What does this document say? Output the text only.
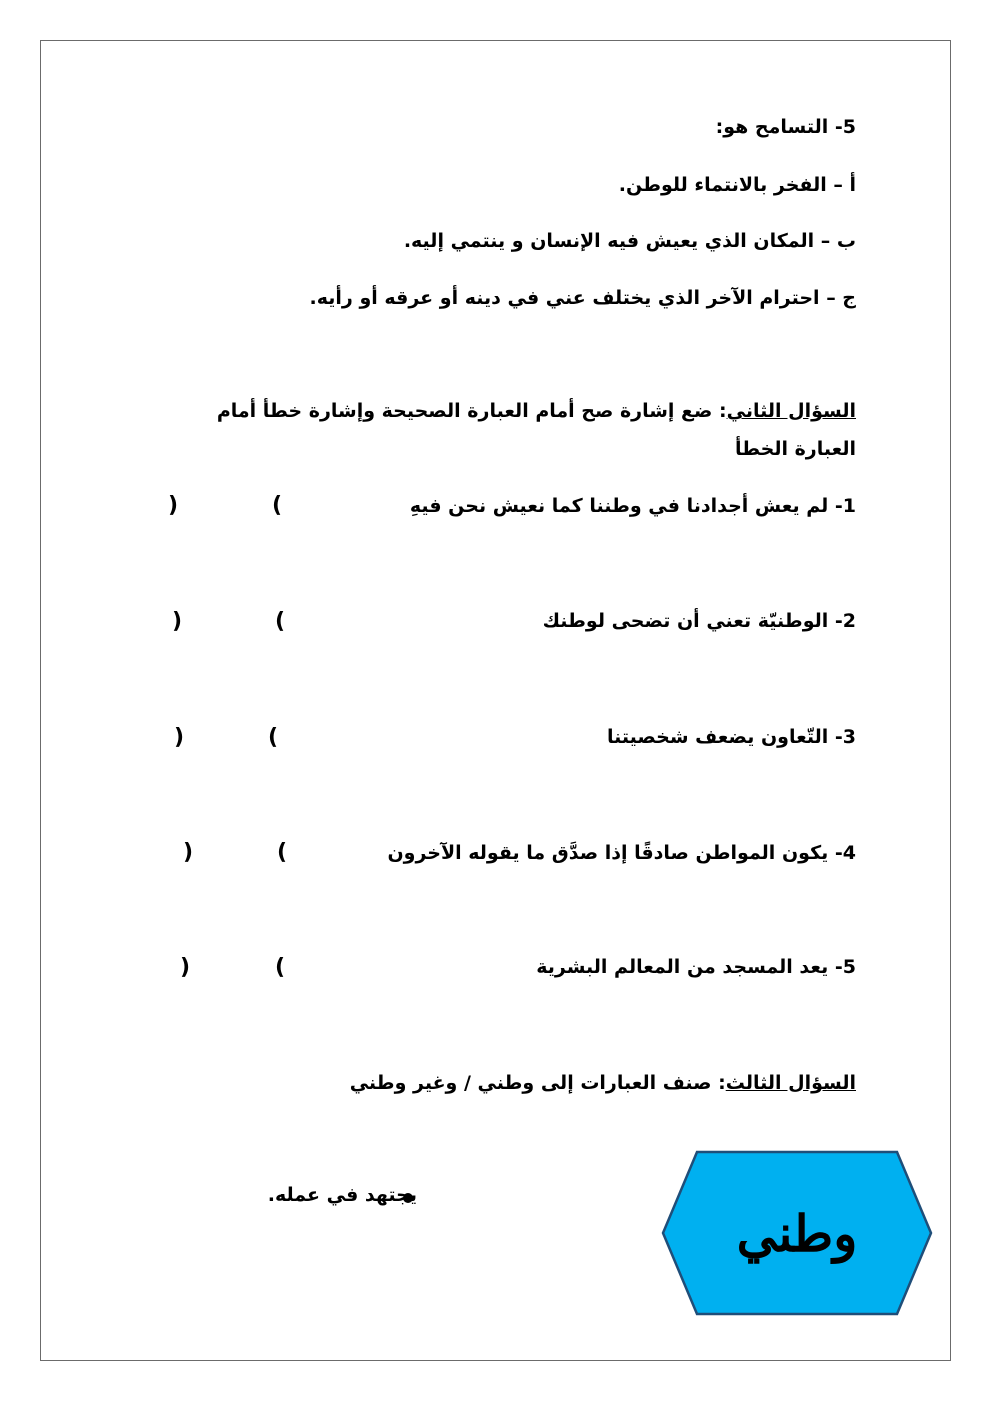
5- التسامح هو:
أ – الفخر بالانتماء للوطن.
ب – المكان الذي يعيش فيه الإنسان و ينتمي إليه.
ج – احترام الآخر الذي يختلف عني في دينه أو عرقه أو رأيه.
السؤال الثاني: ضع إشارة صح أمام العبارة الصحيحة وإشارة خطأ أمام العبارة الخطأ
1- لم يعش أجدادنا في وطننا كما نعيش نحن فيهِ
(
)
2- الوطنيّة تعني أن تضحى لوطنك
(
)
3- التّعاون يضعف شخصيتنا
(
)
4- يكون المواطن صادقًا إذا صدَّق ما يقوله الآخرون
(
)
5- يعد المسجد من المعالم البشرية
(
)
السؤال الثالث: صنف العبارات إلى وطني / وغير وطني
وطني
يجتهد في عمله.
